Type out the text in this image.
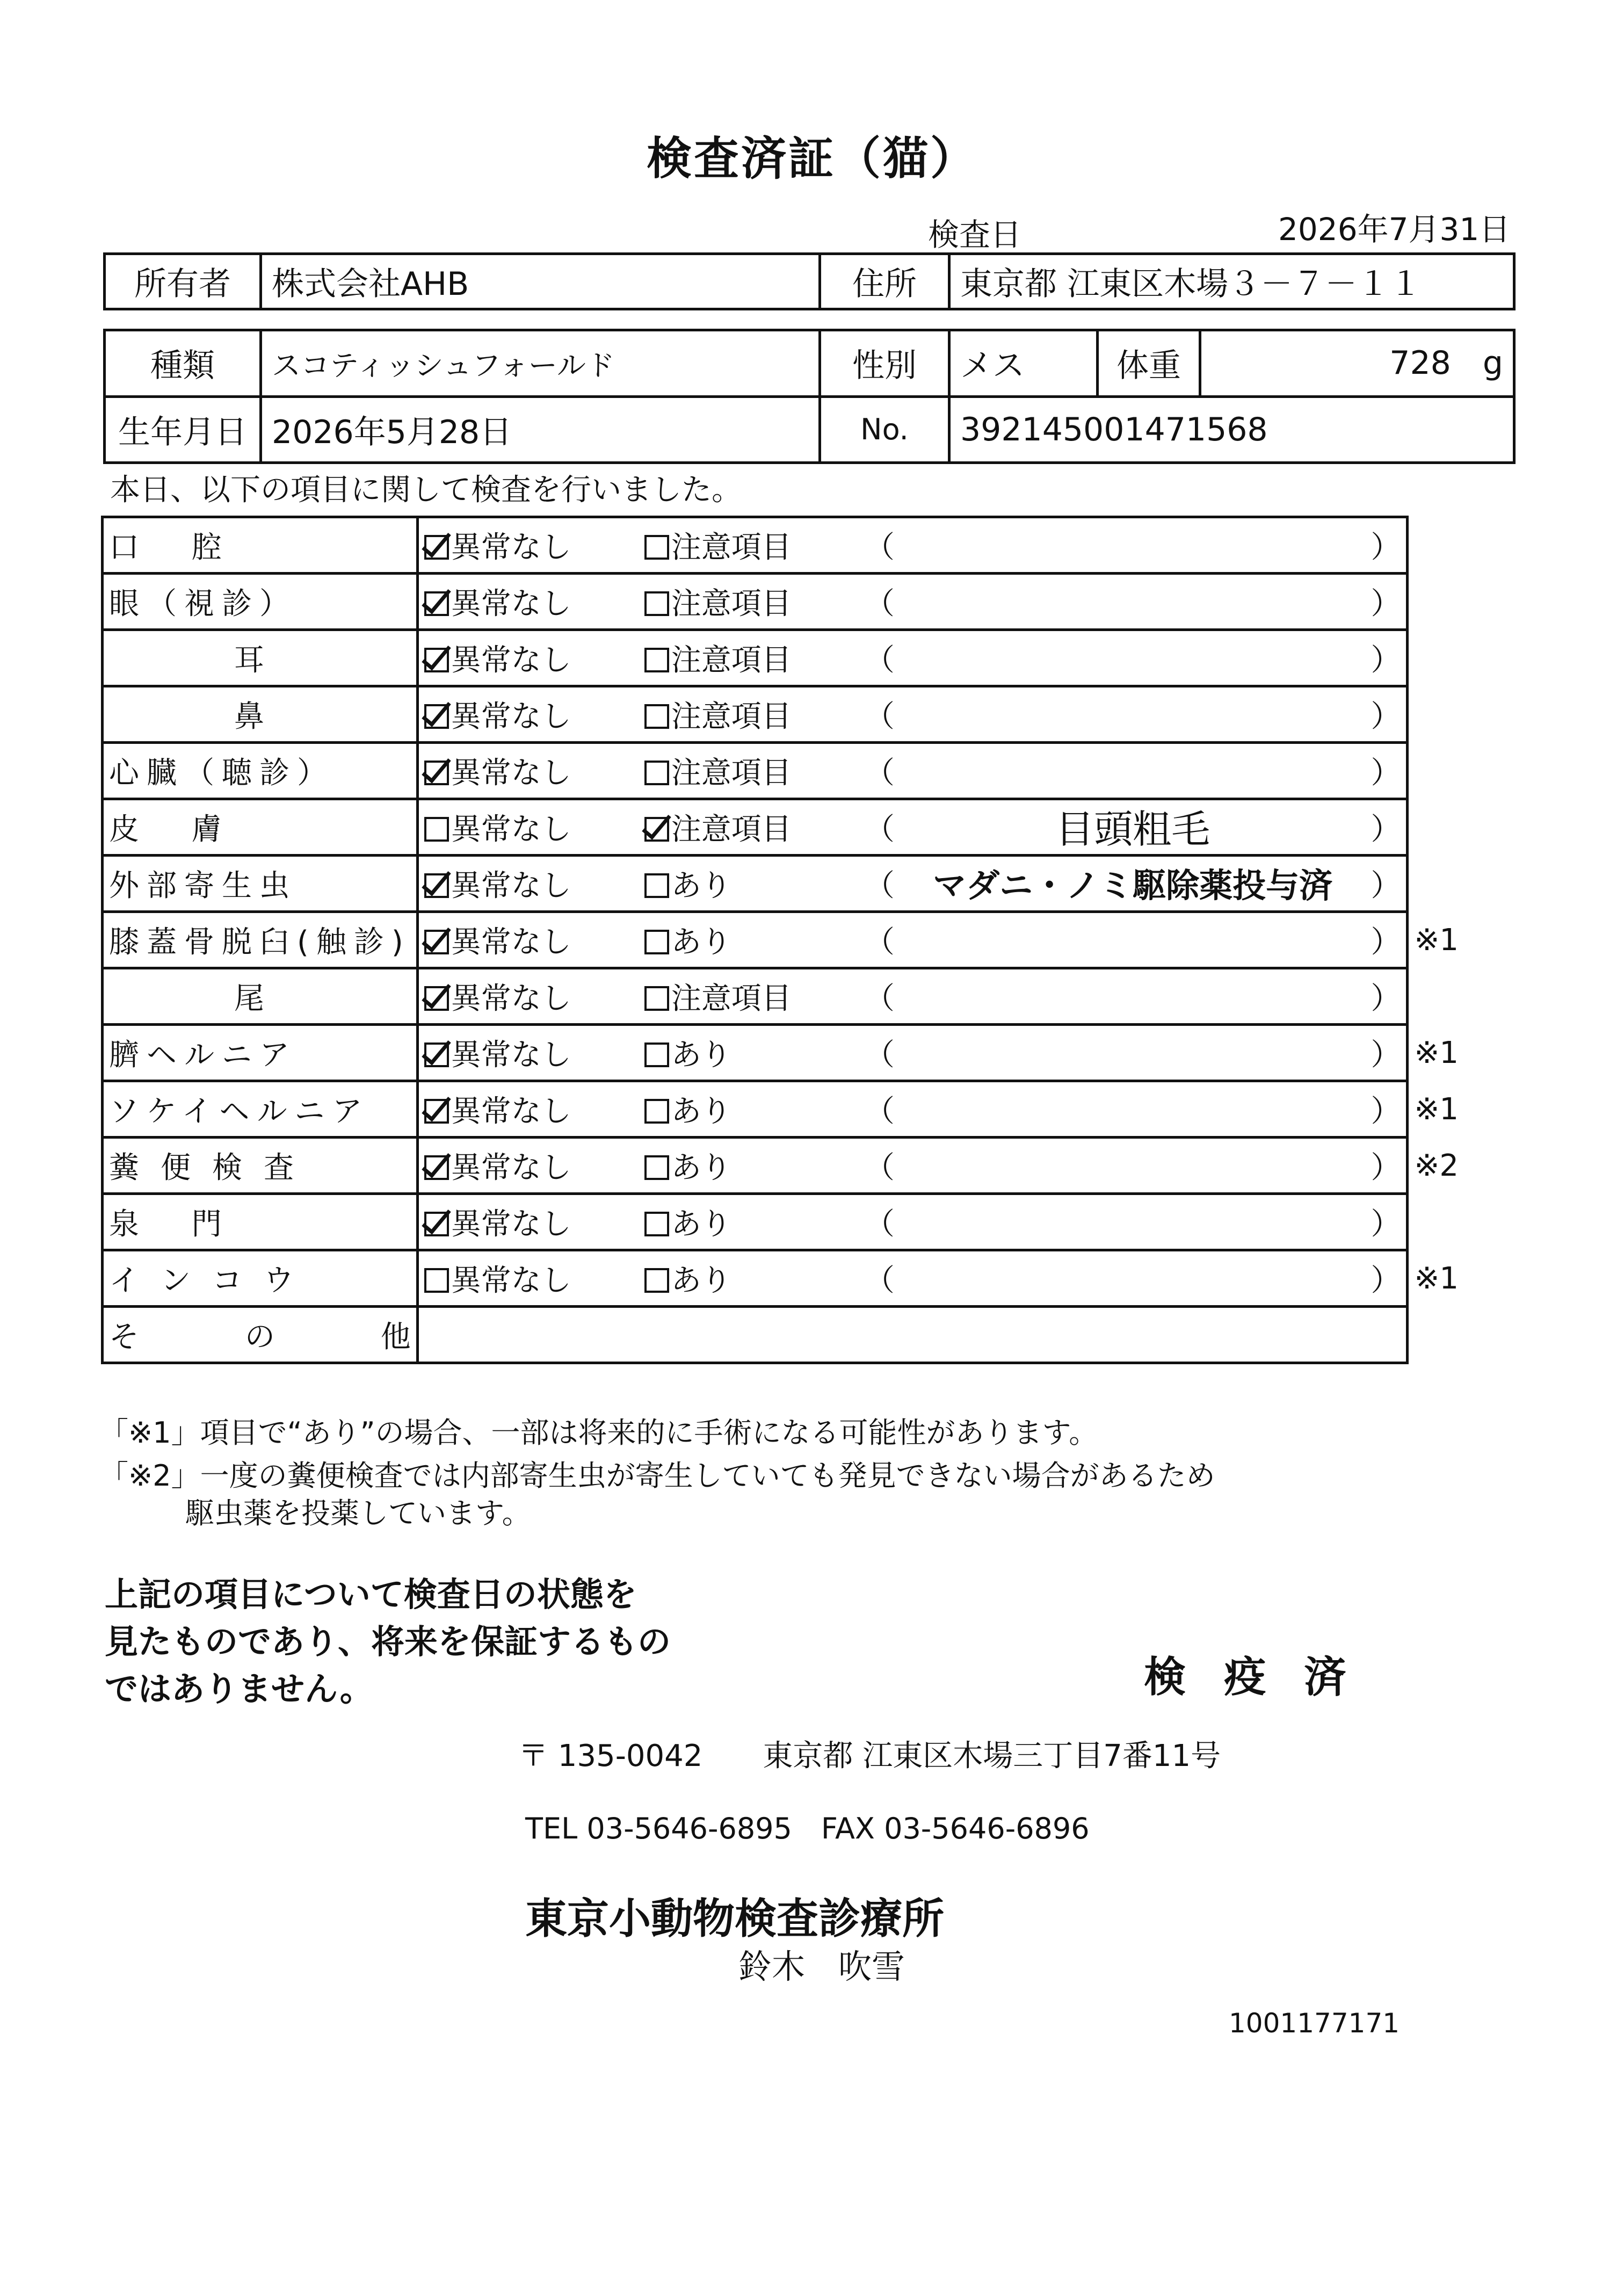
検査済証（猫）
検査日	2026年7月31日
所有者	株式会社AHB	住所	東京都 江東区木場３－７－１１
種類	スコティッシュフォールド	性別	メス	体重	728 g
生年月日	2026年5月28日	No.	392145001471568		
本日、以下の項目に関して検査を行いました。
口 腔	異常なし 注意項目 （ ）	

眼（視診）	異常なし 注意項目 （ ）	

耳	異常なし 注意項目 （ ）	

鼻	異常なし 注意項目 （ ）	

心臓（聴診）	異常なし 注意項目 （ ）	

皮 膚	異常なし 注意項目 （ 目頭粗毛 ）	

外部寄生虫	異常なし あり （ マダニ・ノミ駆除薬投与済 ）	

膝蓋骨脱臼(触診)	異常なし あり （ ）	※1

尾	異常なし 注意項目 （ ）	

臍ヘルニア	異常なし あり （ ）	※1

ソケイヘルニア	異常なし あり （ ）	※1

糞便検査	異常なし あり （ ）	※2

泉 門	異常なし あり （ ）	

インコウ	異常なし あり （ ）	※1

そ の 他		

「※1」項目で“あり”の場合、一部は将来的に手術になる可能性があります。
「※2」一度の糞便検査では内部寄生虫が寄生していても発見できない場合があるため
駆虫薬を投薬しています。
上記の項目について検査日の状態を
見たものであり、将来を保証するもの
ではありません。	検 疫 済
〒 135-0042　　東京都 江東区木場三丁目7番11号
TEL 03-5646-6895　FAX 03-5646-6896
東京小動物検査診療所
鈴木　吹雪
1001177171
